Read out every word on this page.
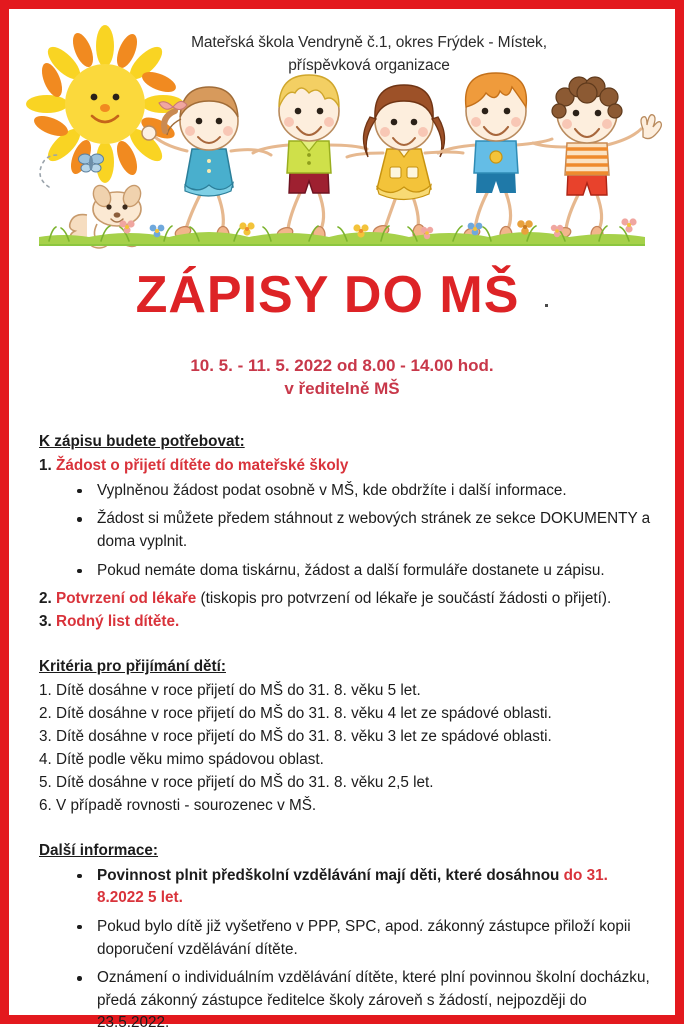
Mateřská škola Vendryně č.1, okres Frýdek - Místek,
příspěvková organizace
ZÁPISY DO MŠ
10. 5. - 11. 5. 2022 od 8.00 - 14.00 hod.
v ředitelně MŠ
K zápisu budete potřebovat:
1. Žádost o přijetí dítěte do mateřské školy
Vyplněnou žádost podat osobně v MŠ, kde obdržíte i další informace.
Žádost si můžete předem stáhnout z webových stránek ze sekce DOKUMENTY a doma vyplnit.
Pokud nemáte doma tiskárnu, žádost a další formuláře dostanete u zápisu.
2. Potvrzení od lékaře (tiskopis pro potvrzení od lékaře je součástí žádosti o přijetí).
3. Rodný list dítěte.
Kritéria pro přijímání dětí:
1. Dítě dosáhne v roce přijetí do MŠ do 31. 8. věku 5 let.
2. Dítě dosáhne v roce přijetí do MŠ do 31. 8. věku 4 let ze spádové oblasti.
3. Dítě dosáhne v roce přijetí do MŠ do 31. 8. věku 3 let ze spádové oblasti.
4. Dítě podle věku mimo spádovou oblast.
5. Dítě dosáhne v roce přijetí do MŠ do 31. 8. věku 2,5 let.
6. V případě rovnosti - sourozenec v MŠ.
Další informace:
Povinnost plnit předškolní vzdělávání mají děti, které dosáhnou do 31. 8.2022 5 let.
Pokud bylo dítě již vyšetřeno v PPP, SPC, apod. zákonný zástupce přiloží kopii doporučení vzdělávání dítěte.
Oznámení o individuálním vzdělávání dítěte, které plní povinnou školní docházku, předá zákonný zástupce ředitelce školy zároveň s žádostí, nejpozději do 23.5.2022.
